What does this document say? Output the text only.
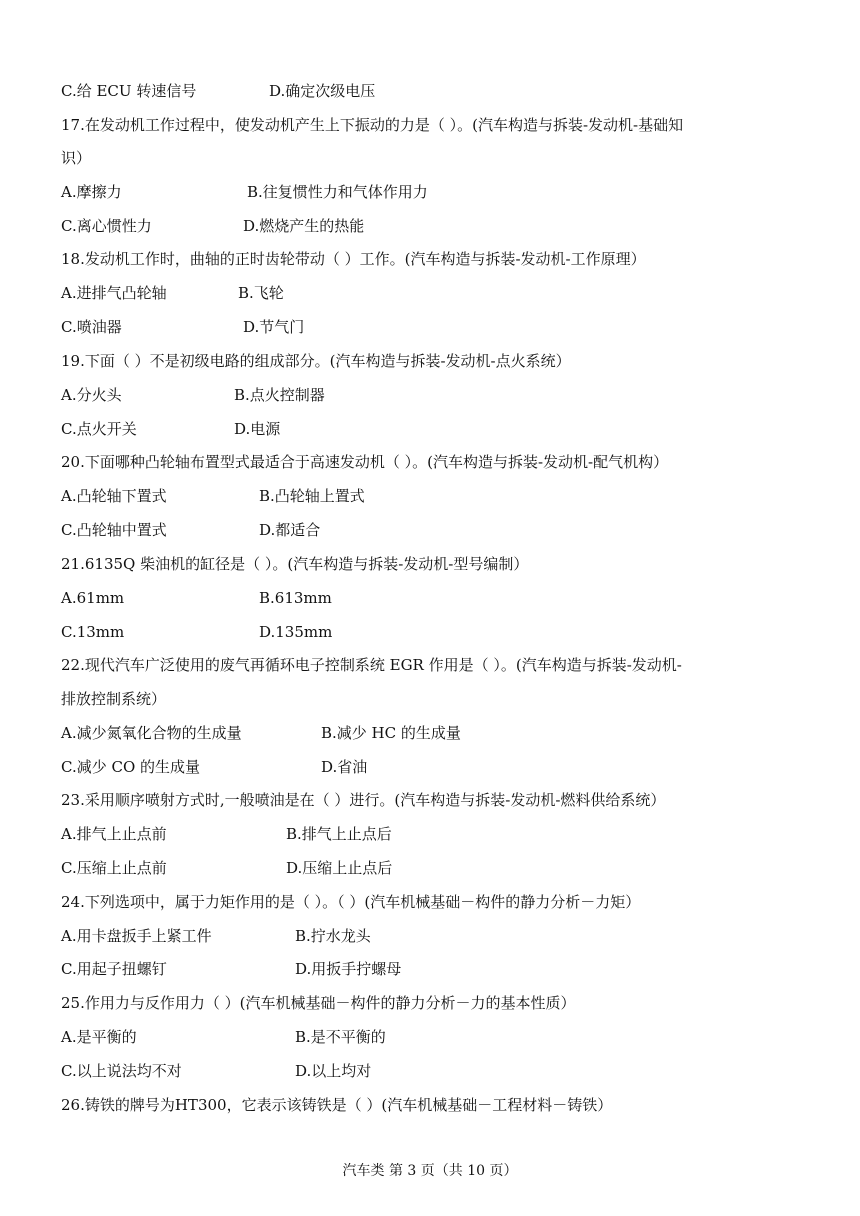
C.给 ECU 转速信号	D.确定次级电压
17.在发动机工作过程中，使发动机产生上下振动的力是（ ）。(汽车构造与拆装-发动机-基础知
识）
A.摩擦力	B.往复惯性力和气体作用力
C.离心惯性力	D.燃烧产生的热能
18.发动机工作时，曲轴的正时齿轮带动（ ）工作。(汽车构造与拆装-发动机-工作原理）
A.进排气凸轮轴	B.飞轮
C.喷油器	D.节气门
19.下面（ ）不是初级电路的组成部分。(汽车构造与拆装-发动机-点火系统）
A.分火头	B.点火控制器
C.点火开关	D.电源
20.下面哪种凸轮轴布置型式最适合于高速发动机（ ）。(汽车构造与拆装-发动机-配气机构）
A.凸轮轴下置式	B.凸轮轴上置式
C.凸轮轴中置式	D.都适合
21.6135Q 柴油机的缸径是（ ）。(汽车构造与拆装-发动机-型号编制）
A.61mm	B.613mm
C.13mm	D.135mm
22.现代汽车广泛使用的废气再循环电子控制系统 EGR 作用是（ ）。(汽车构造与拆装-发动机-
排放控制系统）
A.减少氮氧化合物的生成量	B.减少 HC 的生成量
C.减少 CO 的生成量	D.省油
23.采用顺序喷射方式时,一般喷油是在（ ）进行。(汽车构造与拆装-发动机-燃料供给系统）
A.排气上止点前	B.排气上止点后
C.压缩上止点前	D.压缩上止点后
24.下列选项中，属于力矩作用的是（ ）。（ ）(汽车机械基础－构件的静力分析－力矩）
A.用卡盘扳手上紧工件	B.拧水龙头
C.用起子扭螺钉	D.用扳手拧螺母
25.作用力与反作用力（ ）(汽车机械基础－构件的静力分析－力的基本性质）
A.是平衡的	B.是不平衡的
C.以上说法均不对	D.以上均对
26.铸铁的牌号为HT300，它表示该铸铁是（ ）(汽车机械基础－工程材料－铸铁）
汽车类 第 3 页（共 10 页）
